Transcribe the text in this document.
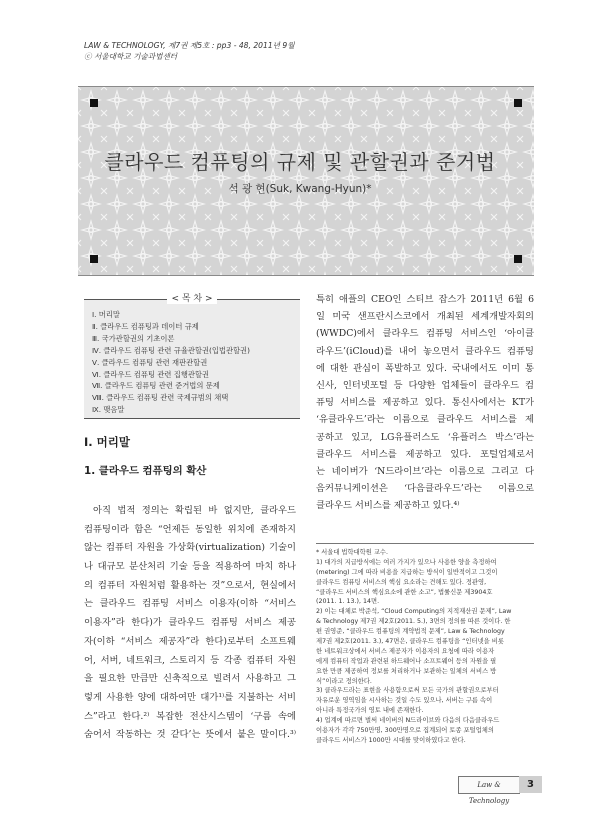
LAW & TECHNOLOGY, 제7권 제5호 : pp3 - 48, 2011년 9월
ⓒ 서울대학교 기술과법센터
클라우드 컴퓨팅의 규제 및 관할권과 준거법
석 광 현(Suk, Kwang-Hyun)*
< 목 차 >
Ⅰ. 머리말
Ⅱ. 클라우드 컴퓨팅과 데이터 규제
Ⅲ. 국가관할권의 기초이론
Ⅳ. 클라우드 컴퓨팅 관련 규율관할권(입법관할권)
Ⅴ. 클라우드 컴퓨팅 관련 재판관할권
Ⅵ. 클라우드 컴퓨팅 관련 집행관할권
Ⅶ. 클라우드 컴퓨팅 관련 준거법의 문제
Ⅷ. 클라우드 컴퓨팅 관련 국제규범의 채택
Ⅸ. 맺음말
Ⅰ. 머리말
1. 클라우드 컴퓨팅의 확산
아직 법적 정의는 확립된 바 없지만, 클라우드
컴퓨팅이라 함은 “언제든 동일한 위치에 존재하지
않는 컴퓨터 자원을 가상화(virtualization) 기술이
나 대규모 분산처리 기술 등을 적용하여 마치 하나
의 컴퓨터 자원처럼 활용하는 것”으로서, 현실에서
는 클라우드 컴퓨팅 서비스 이용자(이하 “서비스
이용자”라 한다)가 클라우드 컴퓨팅 서비스 제공
자(이하 “서비스 제공자”라 한다)로부터 소프트웨
어, 서버, 네트워크, 스토리지 등 각종 컴퓨터 자원
을 필요한 만큼만 신축적으로 빌려서 사용하고 그
렇게 사용한 양에 대하여만 대가¹⁾를 지불하는 서비
스”라고 한다.²⁾ 복잡한 전산시스템이 ‘구름 속에
숨어서 작동하는 것 같다’는 뜻에서 붙은 말이다.³⁾
특히 애플의 CEO인 스티브 잡스가 2011년 6월 6
일 미국 샌프란시스코에서 개최된 세계개발자회의
(WWDC)에서 클라우드 컴퓨팅 서비스인 ‘아이클
라우드’(iCloud)를 내어 놓으면서 클라우드 컴퓨팅
에 대한 관심이 폭발하고 있다. 국내에서도 이미 통
신사, 인터넷포털 등 다양한 업체들이 클라우드 컴
퓨팅 서비스를 제공하고 있다. 통신사에서는 KT가
‘유클라우드’라는 이름으로 클라우드 서비스를 제
공하고 있고, LG유플러스도 ‘유플러스 박스’라는
클라우드 서비스를 제공하고 있다. 포털업체로서
는 네이버가 ‘N드라이브’라는 이름으로 그리고 다
음커뮤니케이션은 ‘다음클라우드’라는 이름으로
클라우드 서비스를 제공하고 있다.⁴⁾
* 서울대 법학대학원 교수.
1) 대가의 지급방식에는 여러 가지가 있으나 사용한 양을 측정하여
(metering) 그에 따라 비용을 지급하는 방식이 일반적이고 그것이
클라우드 컴퓨팅 서비스의 핵심 요소라는 견해도 있다. 정관영,
“클라우드 서비스의 핵심요소에 관한 소고”, 법률신문 제3904호
(2011. 1. 13.), 14면.
2) 이는 대체로 박준석, “Cloud Computing의 지적재산권 문제”, Law
& Technology 제7권 제2호(2011. 5.), 3면의 정의를 따른 것이다. 한
편 권영준, “클라우드 컴퓨팅의 계약법적 문제”, Law & Technology
제7권 제2호(2011. 3.), 47면은, 클라우드 컴퓨팅을 “인터넷을 비롯
한 네트워크상에서 서비스 제공자가 이용자의 요청에 따라 이용자
에게 컴퓨터 작업과 관련된 하드웨어나 소프트웨어 등의 자원을 필
요한 만큼 제공하여 정보를 처리하거나 보관하는 일체의 서비스 방
식”이라고 정의한다.
3) 클라우드라는 표현을 사용함으로써 모든 국가의 관할권으로부터
자유로운 영역임을 시사하는 것일 수도 있으나, 서버는 구름 속이
아니라 특정국가의 영토 내에 존재한다.
4) 업계에 따르면 벌써 네이버의 N드라이브와 다음의 다음클라우드
이용자가 각각 750만명, 300만명으로 집계되어 토종 포털업체의
클라우드 서비스가 1000만 시대를 맞이하였다고 한다.
Law & Technology
3
